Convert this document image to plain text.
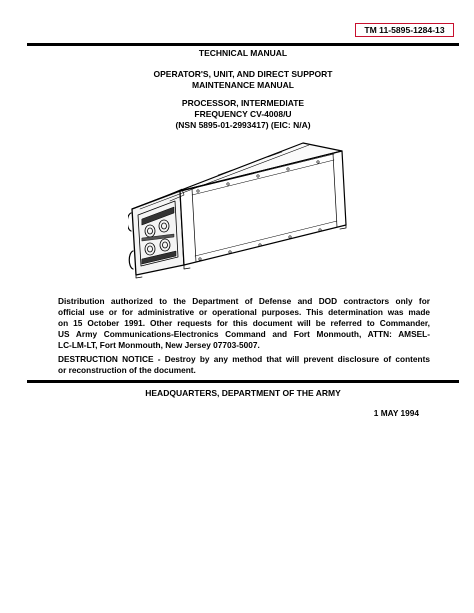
TM 11-5895-1284-13
TECHNICAL MANUAL
OPERATOR'S, UNIT, AND DIRECT SUPPORT
MAINTENANCE MANUAL
PROCESSOR, INTERMEDIATE
FREQUENCY CV-4008/U
(NSN 5895-01-2993417) (EIC: N/A)
Distribution authorized to the Department of Defense and DOD contractors only for
official use or for administrative or operational purposes. This determination was made
on 15 October 1991. Other requests for this document will be referred to Commander,
US Army Communications-Electronics Command and Fort Monmouth, ATTN: AMSEL-
LC-LM-LT, Fort Monmouth, New Jersey 07703-5007.
DESTRUCTION NOTICE - Destroy by any method that will prevent disclosure of contents
or reconstruction of the document.
HEADQUARTERS, DEPARTMENT OF THE ARMY
1 MAY 1994
